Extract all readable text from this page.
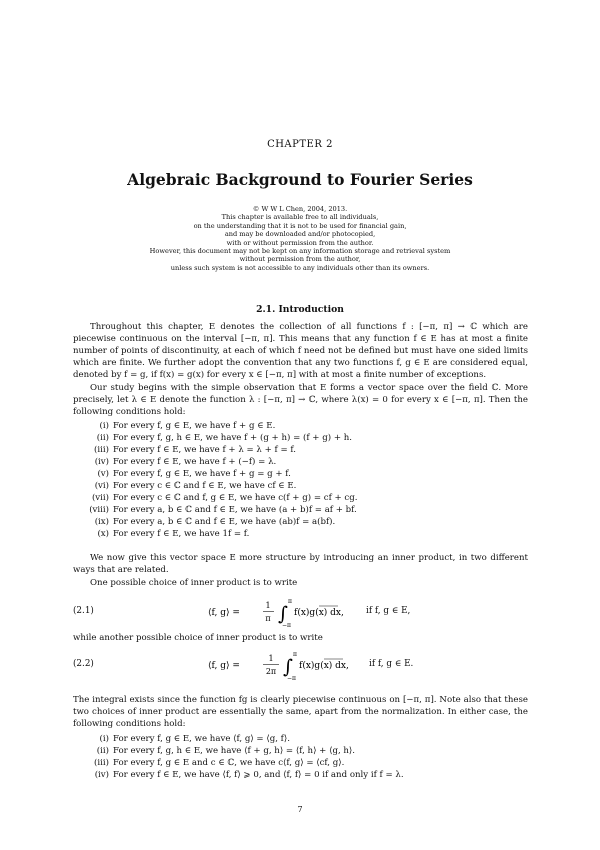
CHAPTER 2
Algebraic Background to Fourier Series
© W W L Chen, 2004, 2013.
This chapter is available free to all individuals,
on the understanding that it is not to be used for financial gain,
and may be downloaded and/or photocopied,
with or without permission from the author.
However, this document may not be kept on any information storage and retrieval system
without permission from the author,
unless such system is not accessible to any individuals other than its owners.
2.1. Introduction
Throughout this chapter, E denotes the collection of all functions f : [−π, π] → ℂ which are piecewise continuous on the interval [−π, π]. This means that any function f ∈ E has at most a finite number of points of discontinuity, at each of which f need not be defined but must have one sided limits which are finite. We further adopt the convention that any two functions f, g ∈ E are considered equal, denoted by f = g, if f(x) = g(x) for every x ∈ [−π, π] with at most a finite number of exceptions.
Our study begins with the simple observation that E forms a vector space over the field ℂ. More precisely, let λ ∈ E denote the function λ : [−π, π] → ℂ, where λ(x) = 0 for every x ∈ [−π, π]. Then the following conditions hold:
(i) For every f, g ∈ E, we have f + g ∈ E.
(ii) For every f, g, h ∈ E, we have f + (g + h) = (f + g) + h.
(iii) For every f ∈ E, we have f + λ = λ + f = f.
(iv) For every f ∈ E, we have f + (−f) = λ.
(v) For every f, g ∈ E, we have f + g = g + f.
(vi) For every c ∈ ℂ and f ∈ E, we have cf ∈ E.
(vii) For every c ∈ ℂ and f, g ∈ E, we have c(f + g) = cf + cg.
(viii) For every a, b ∈ ℂ and f ∈ E, we have (a + b)f = af + bf.
(ix) For every a, b ∈ ℂ and f ∈ E, we have (ab)f = a(bf).
(x) For every f ∈ E, we have 1f = f.
We now give this vector space E more structure by introducing an inner product, in two different ways that are related.
One possible choice of inner product is to write
(2.1)	⟨f, g⟩ =
1
π ∫
π
−π
f(x)g(x) dx,	if f, g ∈ E,
while another possible choice of inner product is to write
(2.2)	⟨f, g⟩ =
1
2π ∫
π
−π
f(x)g(x) dx, if f, g ∈ E.
The integral exists since the function fg is clearly piecewise continuous on [−π, π]. Note also that these two choices of inner product are essentially the same, apart from the normalization. In either case, the following conditions hold:
(i) For every f, g ∈ E, we have ⟨f, g⟩ = ⟨g, f⟩.
(ii) For every f, g, h ∈ E, we have ⟨f + g, h⟩ = ⟨f, h⟩ + ⟨g, h⟩.
(iii) For every f, g ∈ E and c ∈ ℂ, we have c⟨f, g⟩ = ⟨cf, g⟩.
(iv) For every f ∈ E, we have ⟨f, f⟩ ⩾ 0, and ⟨f, f⟩ = 0 if and only if f = λ.
7
